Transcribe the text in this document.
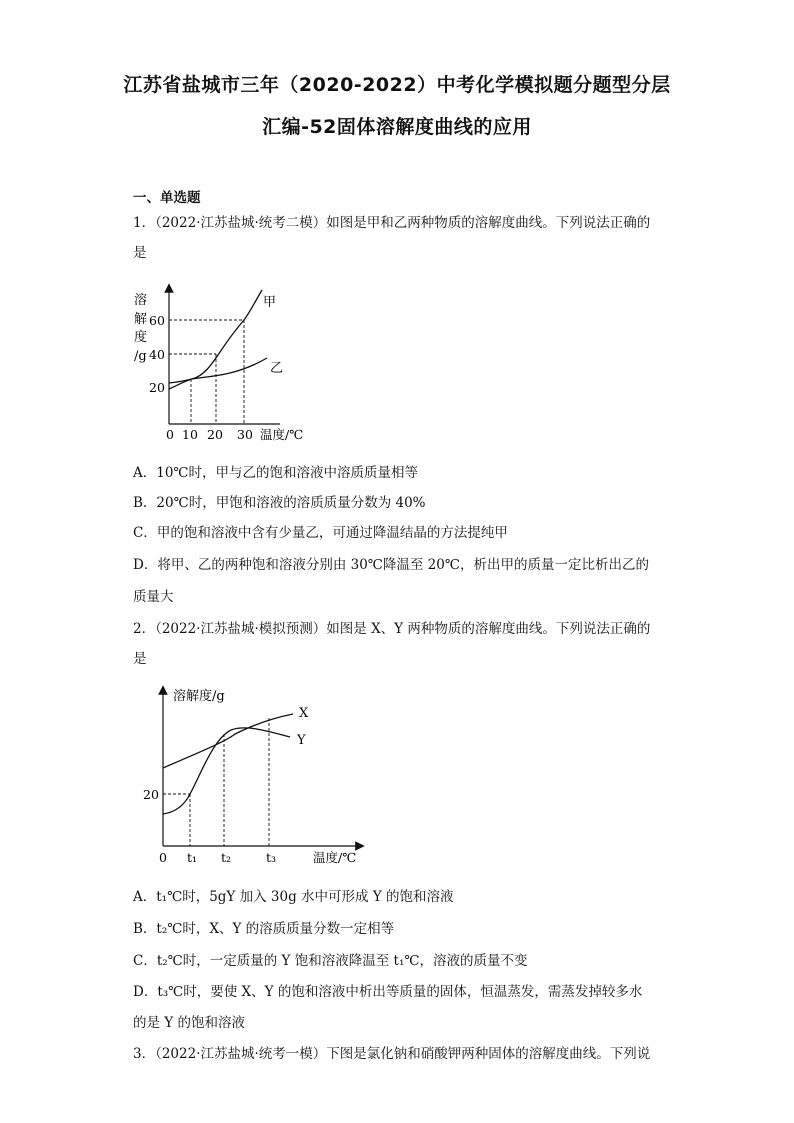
江苏省盐城市三年（2020-2022）中考化学模拟题分题型分层
汇编-52固体溶解度曲线的应用
一、单选题
1．（2022·江苏盐城·统考二模）如图是甲和乙两种物质的溶解度曲线。下列说法正确的
是
溶
解
度
/g
60
40
20
0 10 20 30 温度/℃
甲
乙
A．10℃时，甲与乙的饱和溶液中溶质质量相等
B．20℃时，甲饱和溶液的溶质质量分数为 40%
C．甲的饱和溶液中含有少量乙，可通过降温结晶的方法提纯甲
D．将甲、乙的两种饱和溶液分别由 30℃降温至 20℃，析出甲的质量一定比析出乙的
质量大
2．（2022·江苏盐城·模拟预测）如图是 X、Y 两种物质的溶解度曲线。下列说法正确的
是
溶解度/g
20
0 t₁ t₂	t₃	温度/℃
X
Y
A．t₁℃时，5gY 加入 30g 水中可形成 Y 的饱和溶液
B．t₂℃时，X、Y 的溶质质量分数一定相等
C．t₂℃时，一定质量的 Y 饱和溶液降温至 t₁℃，溶液的质量不变
D．t₃℃时，要使 X、Y 的饱和溶液中析出等质量的固体，恒温蒸发，需蒸发掉较多水
的是 Y 的饱和溶液
3．（2022·江苏盐城·统考一模）下图是氯化钠和硝酸钾两种固体的溶解度曲线。下列说
